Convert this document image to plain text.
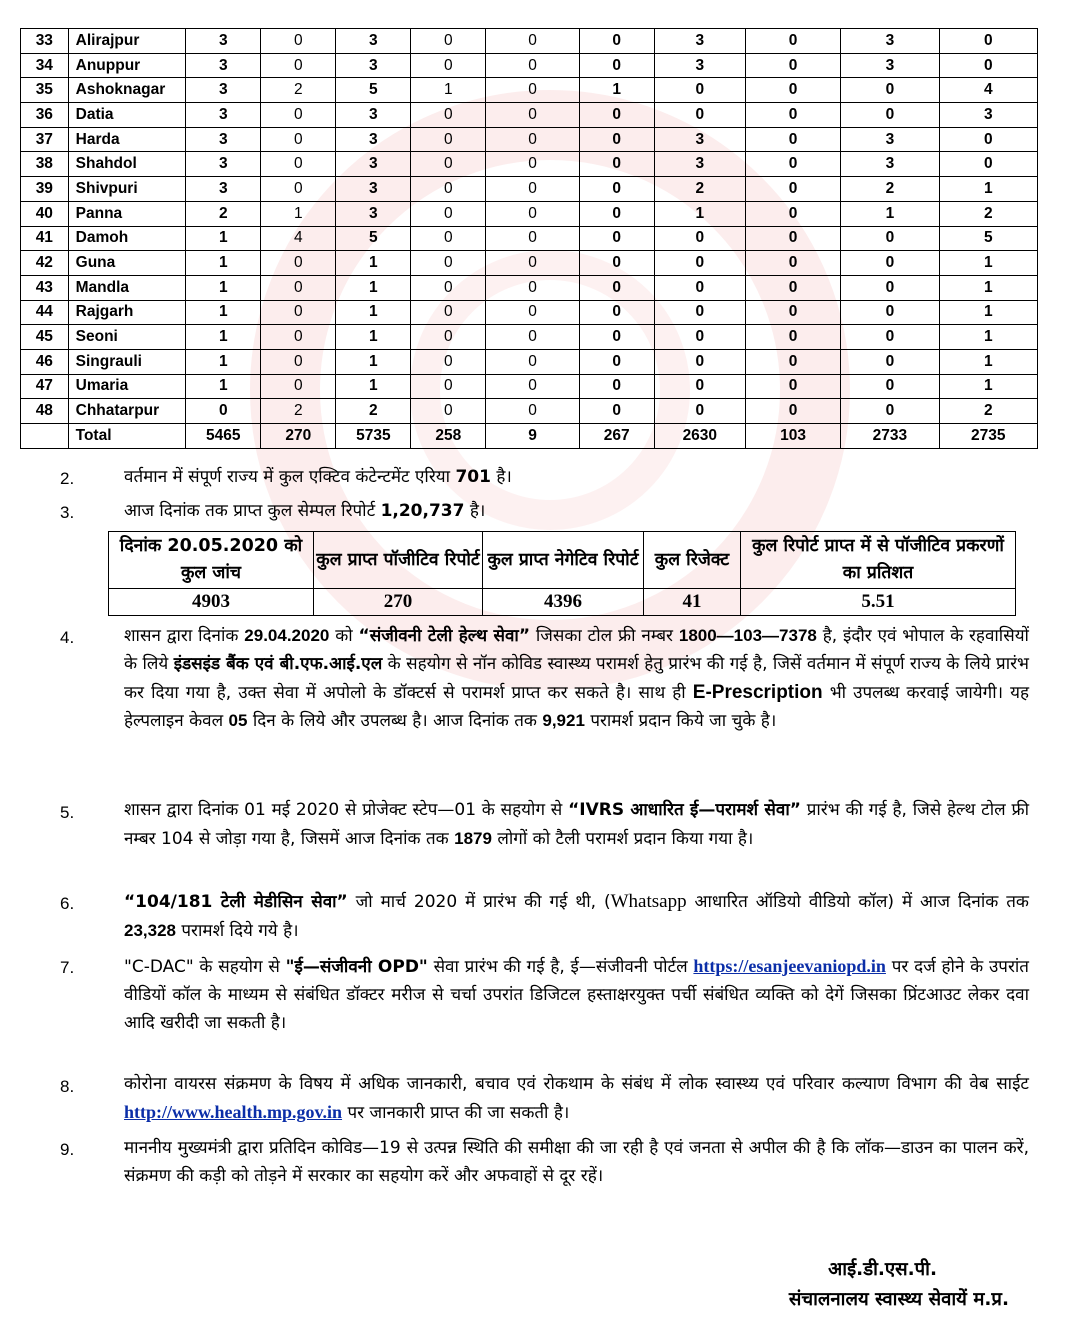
33	Alirajpur	3	0	3	0	0	0	3	0	3	0
34	Anuppur	3	0	3	0	0	0	3	0	3	0
35	Ashoknagar	3	2	5	1	0	1	0	0	0	4
36	Datia	3	0	3	0	0	0	0	0	0	3
37	Harda	3	0	3	0	0	0	3	0	3	0
38	Shahdol	3	0	3	0	0	0	3	0	3	0
39	Shivpuri	3	0	3	0	0	0	2	0	2	1
40	Panna	2	1	3	0	0	0	1	0	1	2
41	Damoh	1	4	5	0	0	0	0	0	0	5
42	Guna	1	0	1	0	0	0	0	0	0	1
43	Mandla	1	0	1	0	0	0	0	0	0	1
44	Rajgarh	1	0	1	0	0	0	0	0	0	1
45	Seoni	1	0	1	0	0	0	0	0	0	1
46	Singrauli	1	0	1	0	0	0	0	0	0	1
47	Umaria	1	0	1	0	0	0	0	0	0	1
48	Chhatarpur	0	2	2	0	0	0	0	0	0	2
	Total	5465	270	5735	258	9	267	2630	103	2733	2735
2.	वर्तमान में संपूर्ण राज्य में कुल एक्टिव कंटेन्टमेंट एरिया 701 है।
3.	आज दिनांक तक प्राप्त कुल सेम्पल रिपोर्ट 1,20,737 है।
दिनांक 20.05.2020 को कुल जांच	कुल प्राप्त पॉजीटिव रिपोर्ट	कुल प्राप्त नेगेटिव रिपोर्ट	कुल रिजेक्ट	कुल रिपोर्ट प्राप्त में से पॉजीटिव प्रकरणों का प्रतिशत
4903	270	4396	41	5.51
4.	शासन द्वारा दिनांक 29.04.2020 को “संजीवनी टेली हेल्थ सेवा” जिसका टोल फ्री नम्बर 1800—103—7378 है, इंदौर एवं भोपाल के रहवासियों के लिये इंडसइंड बैंक एवं बी.एफ.आई.एल के सहयोग से नॉन कोविड स्वास्थ्य परामर्श हेतु प्रारंभ की गई है, जिसें वर्तमान में संपूर्ण राज्य के लिये प्रारंभ कर दिया गया है, उक्त सेवा में अपोलो के डॉक्टर्स से परामर्श प्राप्त कर सकते है। साथ ही E-Prescription भी उपलब्ध करवाई जायेगी। यह हेल्पलाइन केवल 05 दिन के लिये और उपलब्ध है। आज दिनांक तक 9,921 परामर्श प्रदान किये जा चुके है।
5.	शासन द्वारा दिनांक 01 मई 2020 से प्रोजेक्ट स्टेप—01 के सहयोग से “IVRS आधारित ई—परामर्श सेवा” प्रारंभ की गई है, जिसे हेल्थ टोल फ्री नम्बर 104 से जोड़ा गया है, जिसमें आज दिनांक तक 1879 लोगों को टैली परामर्श प्रदान किया गया है।
6.	“104/181 टेली मेडीसिन सेवा” जो मार्च 2020 में प्रारंभ की गई थी, (Whatsapp आधारित ऑडियो वीडियो कॉल) में आज दिनांक तक 23,328 परामर्श दिये गये है।
7.	"C-DAC" के सहयोग से "ई—संजीवनी OPD" सेवा प्रारंभ की गई है, ई—संजीवनी पोर्टल https://esanjeevaniopd.in पर दर्ज होने के उपरांत वीडियों कॉल के माध्यम से संबंधित डॉक्टर मरीज से चर्चा उपरांत डिजिटल हस्ताक्षरयुक्त पर्ची संबंधित व्यक्ति को देगें जिसका प्रिंटआउट लेकर दवा आदि खरीदी जा सकती है।
8.	कोरोना वायरस संक्रमण के विषय में अधिक जानकारी, बचाव एवं रोकथाम के संबंध में लोक स्वास्थ्य एवं परिवार कल्याण विभाग की वेब साईट http://www.health.mp.gov.in पर जानकारी प्राप्त की जा सकती है।
9.	माननीय मुख्यमंत्री द्वारा प्रतिदिन कोविड—19 से उत्पन्न स्थिति की समीक्षा की जा रही है एवं जनता से अपील की है कि लॉक—डाउन का पालन करें, संक्रमण की कड़ी को तोड़ने में सरकार का सहयोग करें और अफवाहों से दूर रहें।
आई.डी.एस.पी.
संचालनालय स्वास्थ्य सेवायें म.प्र.
